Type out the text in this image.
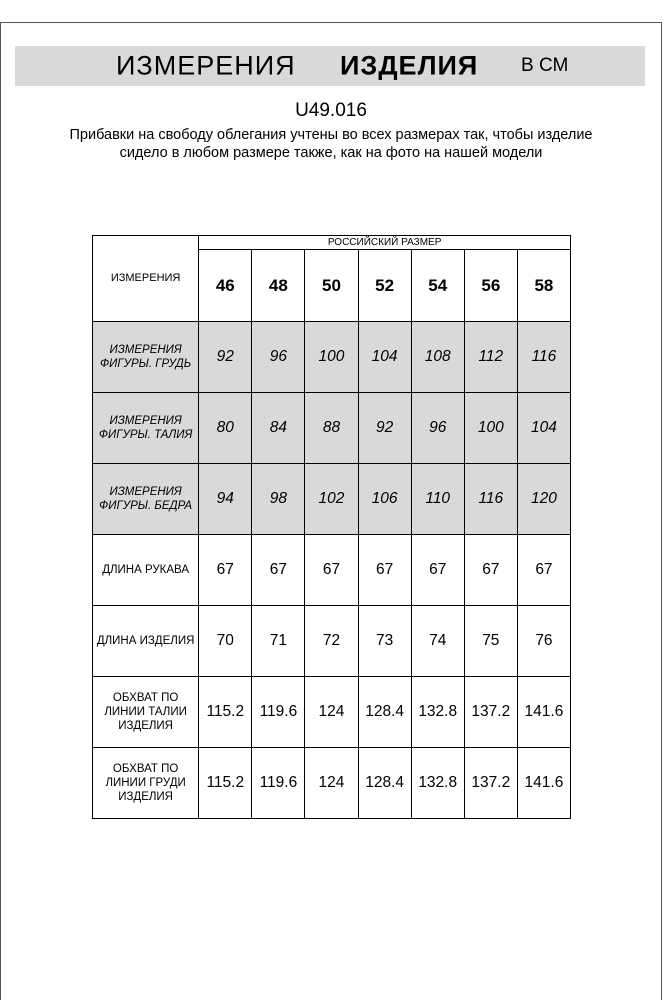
ИЗМЕРЕНИЯ ИЗДЕЛИЯ В СМ
U49.016
Прибавки на свободу облегания учтены во всех размерах так, чтобы изделие сидело в любом размере также, как на фото на нашей модели
ИЗМЕРЕНИЯ	РОССИЙСКИЙ РАЗМЕР						
	46	48	50	52	54	56	58

ИЗМЕРЕНИЯ
ФИГУРЫ. ГРУДЬ	92	96	100	104	108	112	116

ИЗМЕРЕНИЯ
ФИГУРЫ. ТАЛИЯ	80	84	88	92	96	100	104

ИЗМЕРЕНИЯ
ФИГУРЫ. БЕДРА	94	98	102	106	110	116	120

ДЛИНА РУКАВА	67	67	67	67	67	67	67

ДЛИНА ИЗДЕЛИЯ	70	71	72	73	74	75	76

ОБХВАТ ПО
ЛИНИИ ТАЛИИ
ИЗДЕЛИЯ	115.2	119.6	124	128.4	132.8	137.2	141.6

ОБХВАТ ПО
ЛИНИИ ГРУДИ
ИЗДЕЛИЯ	115.2	119.6	124	128.4	132.8	137.2	141.6
